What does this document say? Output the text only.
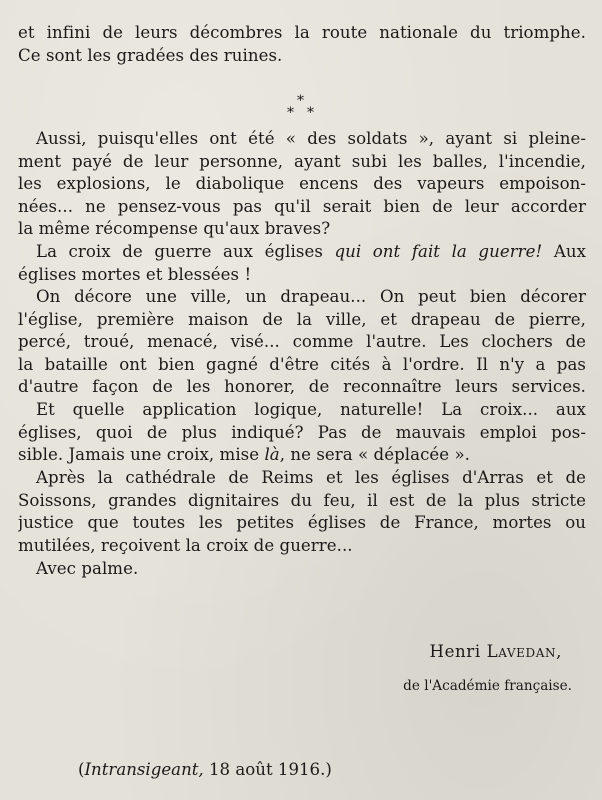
et infini de leurs décombres la route nationale du triomphe.
Ce sont les gradées des ruines.
*
* *
Aussi, puisqu'elles ont été « des soldats », ayant si pleine-
ment payé de leur personne, ayant subi les balles, l'incendie,
les explosions, le diabolique encens des vapeurs empoison-
nées... ne pensez-vous pas qu'il serait bien de leur accorder
la même récompense qu'aux braves?
La croix de guerre aux églises qui ont fait la guerre! Aux
églises mortes et blessées !
On décore une ville, un drapeau... On peut bien décorer
l'église, première maison de la ville, et drapeau de pierre,
percé, troué, menacé, visé... comme l'autre. Les clochers de
la bataille ont bien gagné d'être cités à l'ordre. Il n'y a pas
d'autre façon de les honorer, de reconnaître leurs services.
Et quelle application logique, naturelle! La croix... aux
églises, quoi de plus indiqué? Pas de mauvais emploi pos-
sible. Jamais une croix, mise là, ne sera « déplacée ».
Après la cathédrale de Reims et les églises d'Arras et de
Soissons, grandes dignitaires du feu, il est de la plus stricte
justice que toutes les petites églises de France, mortes ou
mutilées, reçoivent la croix de guerre...
Avec palme.
Henri Lavedan,
de l'Académie française.
(Intransigeant, 18 août 1916.)
